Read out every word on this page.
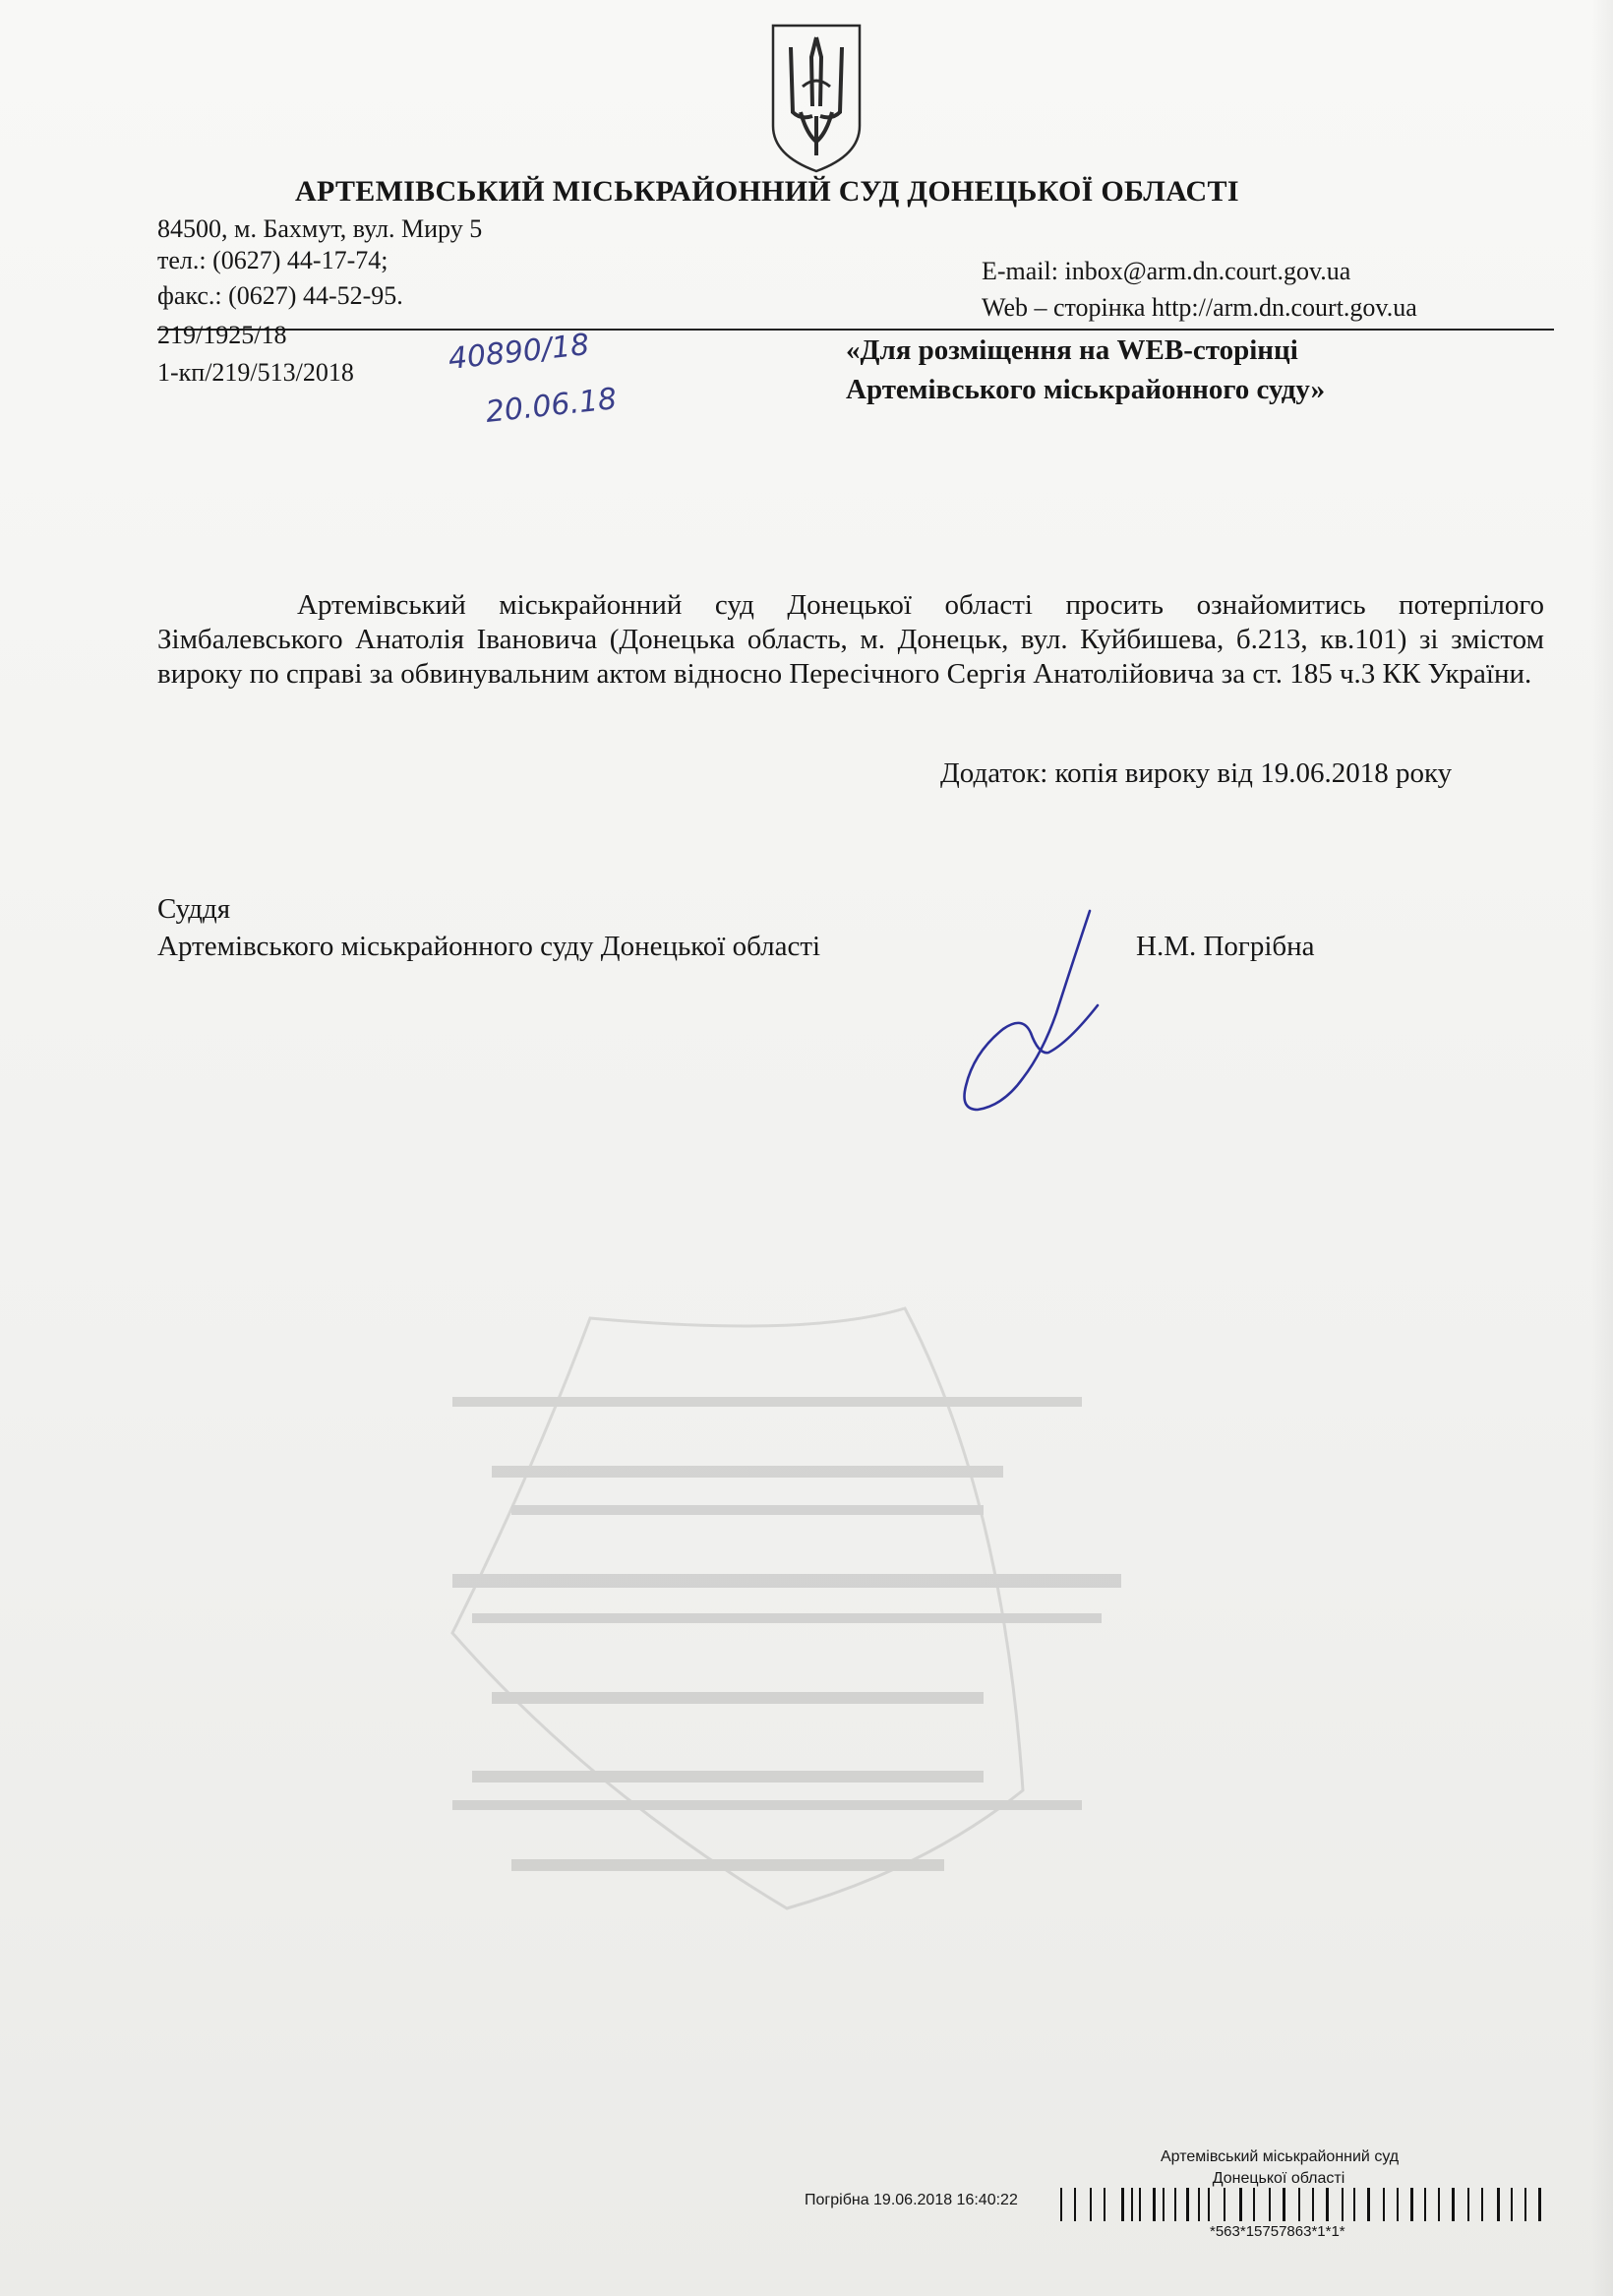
АРТЕМІВСЬКИЙ МІСЬКРАЙОННИЙ СУД ДОНЕЦЬКОЇ ОБЛАСТІ
84500, м. Бахмут, вул. Миру 5
тел.: (0627) 44-17-74;
факс.: (0627) 44-52-95.
E-mail: inbox@arm.dn.court.gov.ua
Web – сторінка http://arm.dn.court.gov.ua
219/1925/18
1-кп/219/513/2018	40890/18
20.06.18
«Для розміщення на WEB-сторінці
Артемівського міськрайонного суду»
Артемівський міськрайонний суд Донецької області просить ознайомитись потерпілого Зімбалевського Анатолія Івановича (Донецька область, м. Донецьк, вул. Куйбишева, б.213, кв.101) зі змістом вироку по справі за обвинувальним актом відносно Пересічного Сергія Анатолійовича за ст. 185 ч.3 КК України.
Додаток: копія вироку від 19.06.2018 року
Суддя
Артемівського міськрайонного суду Донецької області	Н.М. Погрібна
Артемівський міськрайонний суд
Донецької області
Погрібна 19.06.2018 16:40:22
*563*15757863*1*1*
